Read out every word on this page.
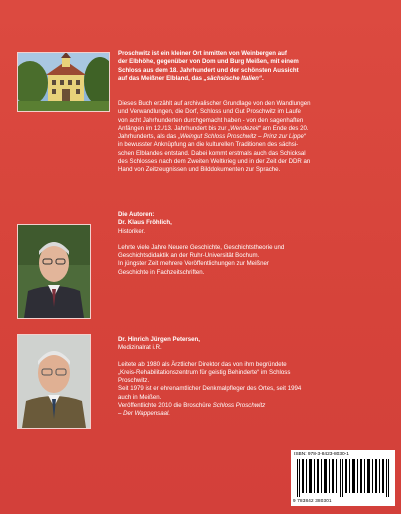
Proschwitz ist ein kleiner Ort inmitten von Weinbergen auf

der Elbhöhe, gegenüber von Dom und Burg Meißen, mit einem

Schloss aus dem 18. Jahrhundert und der schönsten Aussicht

auf das Meißner Elbland, das „sächsische Italien“.

Dieses Buch erzählt auf archivalischer Grundlage von den Wandlungen

und Verwandlungen, die Dorf, Schloss und Gut Proschwitz im Laufe

von acht Jahrhunderten durchgemacht haben - von den sagenhaften

Anfängen im 12./13. Jahrhundert bis zur „Wendezeit“ am Ende des 20.

Jahrhunderts, als das „Weingut Schloss Proschwitz – Prinz zur Lippe“

in bewusster Anknüpfung an die kulturellen Traditionen des sächsi-

schen Elblandes entstand. Dabei kommt erstmals auch das Schicksal

des Schlosses nach dem Zweiten Weltkrieg und in der Zeit der DDR an

Hand von Zeitzeugnissen und Bilddokumenten zur Sprache.

Die Autoren:

Dr. Klaus Fröhlich,

Historiker.

Lehrte viele Jahre Neuere Geschichte, Geschichtstheorie und

Geschichtsdidaktik an der Ruhr-Universität Bochum.

In jüngster Zeit mehrere Veröffentlichungen zur Meißner

Geschichte in Fachzeitschriften.

Dr. Hinrich Jürgen Petersen,

Medizinalrat i.R.

Leitete ab 1980 als Ärztlicher Direktor das von ihm begründete

„Kreis-Rehabilitationszentrum für geistig Behinderte“ im Schloss

Proschwitz.

Seit 1979 ist er ehrenamtlicher Denkmalpfleger des Ortes, seit 1994

auch in Meißen.

Veröffentlichte 2010 die Broschüre Schloss Proschwitz

– Der Wappensaal.

ISBN: 978-3-8423-8030-1
9 783842 380301
